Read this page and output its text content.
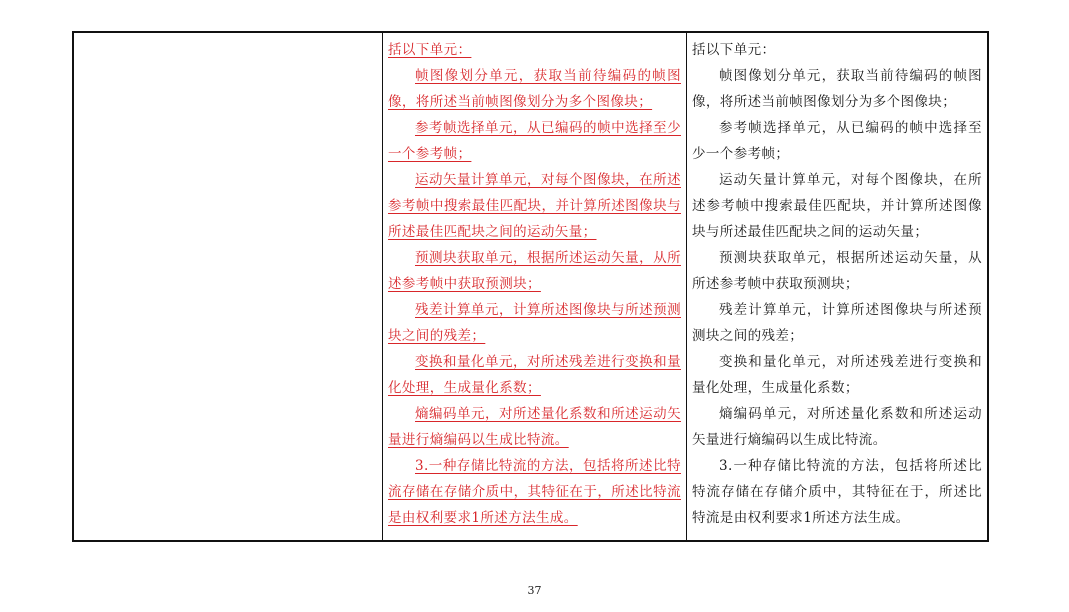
括以下单元：

帧图像划分单元，获取当前待编码的帧图像，将所述当前帧图像划分为多个图像块；

参考帧选择单元，从已编码的帧中选择至少一个参考帧；

运动矢量计算单元，对每个图像块，在所述参考帧中搜索最佳匹配块，并计算所述图像块与所述最佳匹配块之间的运动矢量；

预测块获取单元，根据所述运动矢量，从所述参考帧中获取预测块；

残差计算单元，计算所述图像块与所述预测块之间的残差；

变换和量化单元，对所述残差进行变换和量化处理，生成量化系数；

熵编码单元，对所述量化系数和所述运动矢量进行熵编码以生成比特流。

3.一种存储比特流的方法，包括将所述比特流存储在存储介质中，其特征在于，所述比特流是由权利要求1所述方法生成。

括以下单元：

帧图像划分单元，获取当前待编码的帧图像，将所述当前帧图像划分为多个图像块；

参考帧选择单元，从已编码的帧中选择至少一个参考帧；

运动矢量计算单元，对每个图像块，在所述参考帧中搜索最佳匹配块，并计算所述图像块与所述最佳匹配块之间的运动矢量；

预测块获取单元，根据所述运动矢量，从所述参考帧中获取预测块；

残差计算单元，计算所述图像块与所述预测块之间的残差；

变换和量化单元，对所述残差进行变换和量化处理，生成量化系数；

熵编码单元，对所述量化系数和所述运动矢量进行熵编码以生成比特流。

3.一种存储比特流的方法，包括将所述比特流存储在存储介质中，其特征在于，所述比特流是由权利要求1所述方法生成。

37
